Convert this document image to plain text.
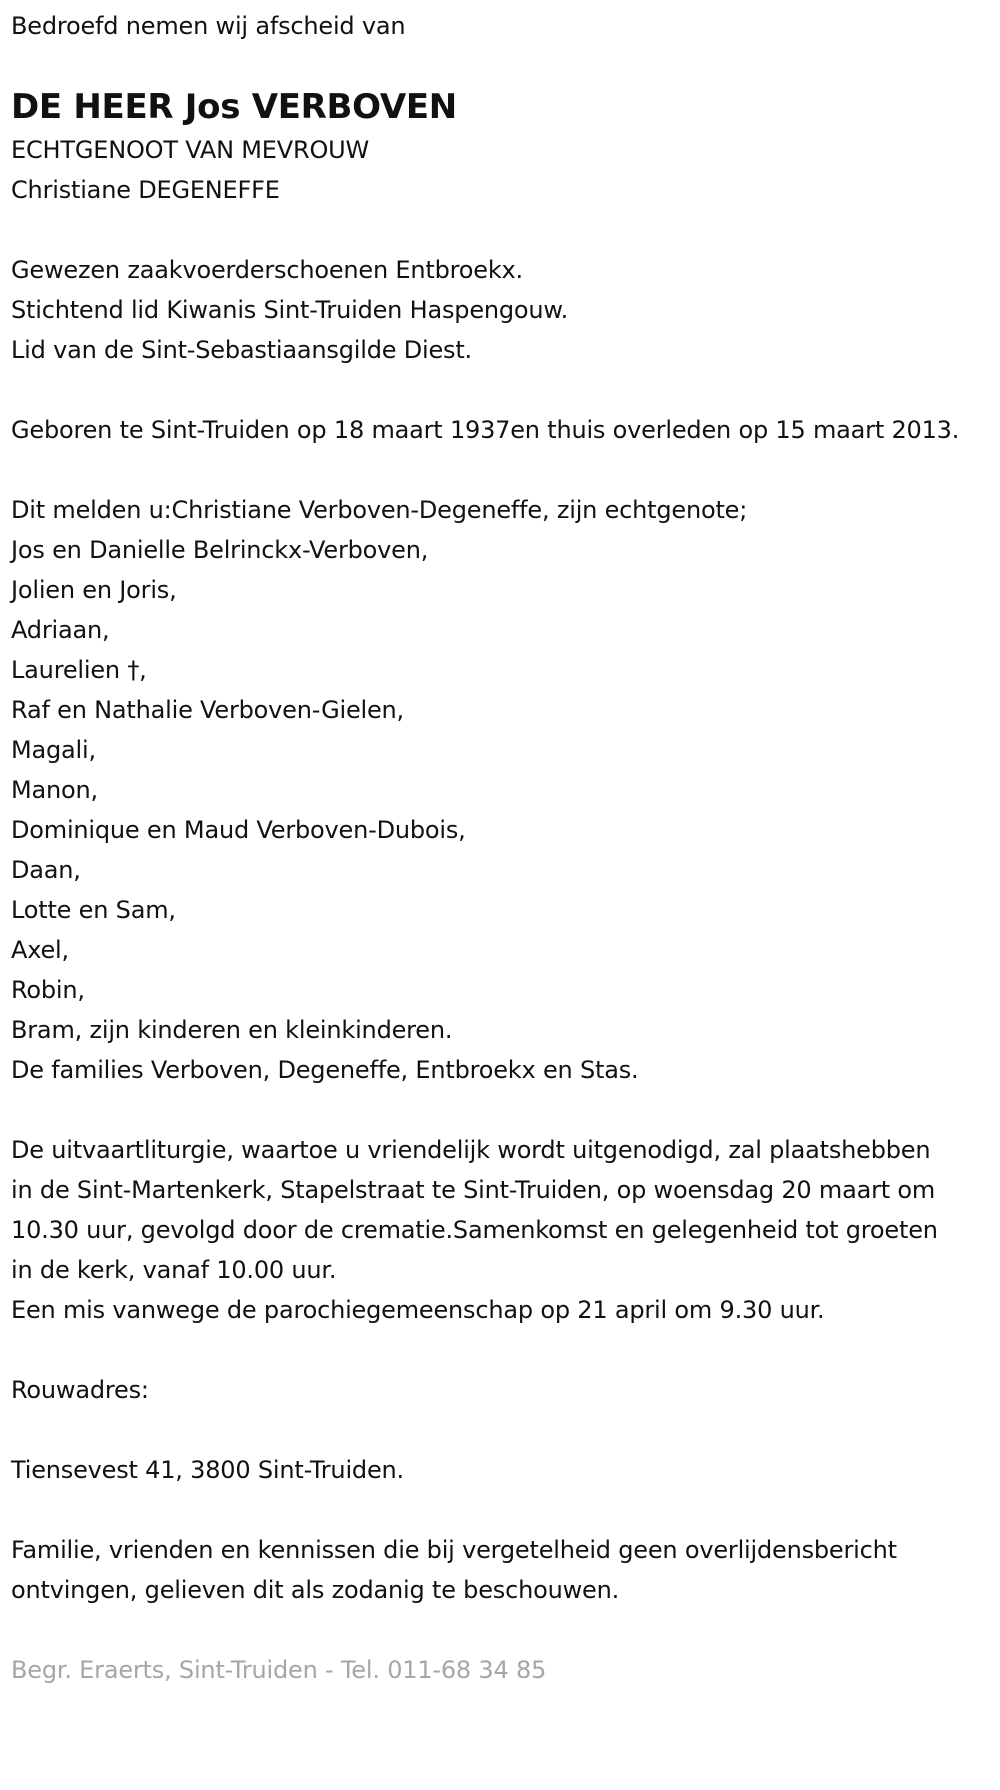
Bedroefd nemen wij afscheid van
DE HEER Jos VERBOVEN
ECHTGENOOT VAN MEVROUW
Christiane DEGENEFFE
Gewezen zaakvoerderschoenen Entbroekx.
Stichtend lid Kiwanis Sint-Truiden Haspengouw.
Lid van de Sint-Sebastiaansgilde Diest.

Geboren te Sint-Truiden op 18 maart 1937en thuis overleden op 15 maart 2013.

Dit melden u:Christiane Verboven-Degeneffe, zijn echtgenote;
Jos en Danielle Belrinckx-Verboven,
Jolien en Joris,
Adriaan,
Laurelien †,
Raf en Nathalie Verboven-Gielen,
Magali,
Manon,
Dominique en Maud Verboven-Dubois,
Daan,
Lotte en Sam,
Axel,
Robin,
Bram, zijn kinderen en kleinkinderen.
De families Verboven, Degeneffe, Entbroekx en Stas.

De uitvaartliturgie, waartoe u vriendelijk wordt uitgenodigd, zal plaatshebben in de Sint-Martenkerk, Stapelstraat te Sint-Truiden, op woensdag 20 maart om 10.30 uur, gevolgd door de crematie.Samenkomst en gelegenheid tot groeten in de kerk, vanaf 10.00 uur.

Een mis vanwege de parochiegemeenschap op 21 april om 9.30 uur.
Rouwadres:
Tiensevest 41, 3800 Sint-Truiden.

Familie, vrienden en kennissen die bij vergetelheid geen overlijdensbericht ontvingen, gelieven dit als zodanig te beschouwen.

Begr. Eraerts, Sint-Truiden - Tel. 011-68 34 85
